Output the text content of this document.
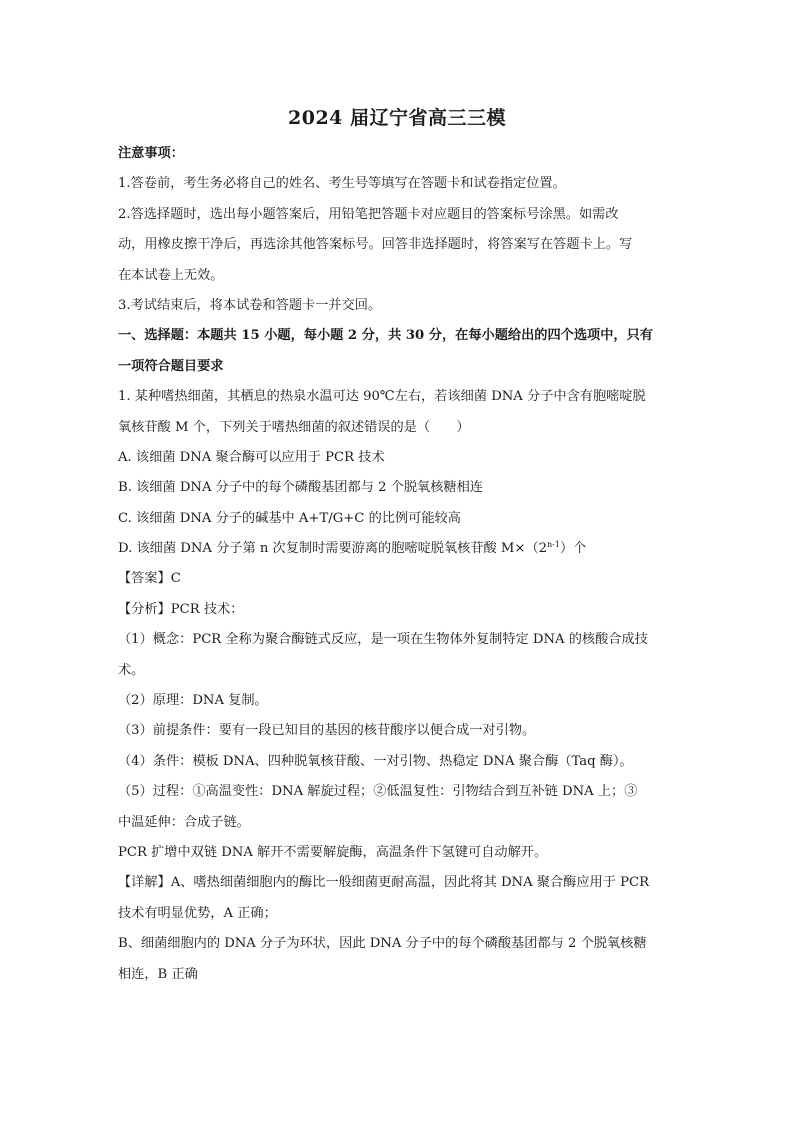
2024 届辽宁省高三三模
注意事项：
1.答卷前，考生务必将自己的姓名、考生号等填写在答题卡和试卷指定位置。
2.答选择题时，选出每小题答案后，用铅笔把答题卡对应题目的答案标号涂黑。如需改
动，用橡皮擦干净后，再选涂其他答案标号。回答非选择题时，将答案写在答题卡上。写
在本试卷上无效。
3.考试结束后，将本试卷和答题卡一并交回。
一、选择题：本题共 15 小题，每小题 2 分，共 30 分，在每小题给出的四个选项中，只有
一项符合题目要求
1. 某种嗜热细菌，其栖息的热泉水温可达 90℃左右，若该细菌 DNA 分子中含有胞嘧啶脱
氧核苷酸 M 个，下列关于嗜热细菌的叙述错误的是（　　）
A. 该细菌 DNA 聚合酶可以应用于 PCR 技术
B. 该细菌 DNA 分子中的每个磷酸基团都与 2 个脱氧核糖相连
C. 该细菌 DNA 分子的碱基中 A+T/G+C 的比例可能较高
D. 该细菌 DNA 分子第 n 次复制时需要游离的胞嘧啶脱氧核苷酸 $M\times(2^{n-1})$个
【答案】C
【分析】PCR 技术：
（1）概念：PCR 全称为聚合酶链式反应，是一项在生物体外复制特定 DNA 的核酸合成技
术。
（2）原理：DNA 复制。
（3）前提条件：要有一段已知目的基因的核苷酸序以便合成一对引物。
（4）条件：模板 DNA、四种脱氧核苷酸、一对引物、热稳定 DNA 聚合酶（Taq 酶）。
（5）过程：①高温变性：DNA 解旋过程；②低温复性：引物结合到互补链 DNA 上；③
中温延伸：合成子链。
PCR 扩增中双链 DNA 解开不需要解旋酶，高温条件下氢键可自动解开。
【详解】A、嗜热细菌细胞内的酶比一般细菌更耐高温，因此将其 DNA 聚合酶应用于 PCR
技术有明显优势，A 正确；
B、细菌细胞内的 DNA 分子为环状，因此 DNA 分子中的每个磷酸基团都与 2 个脱氧核糖
相连，B 正确
